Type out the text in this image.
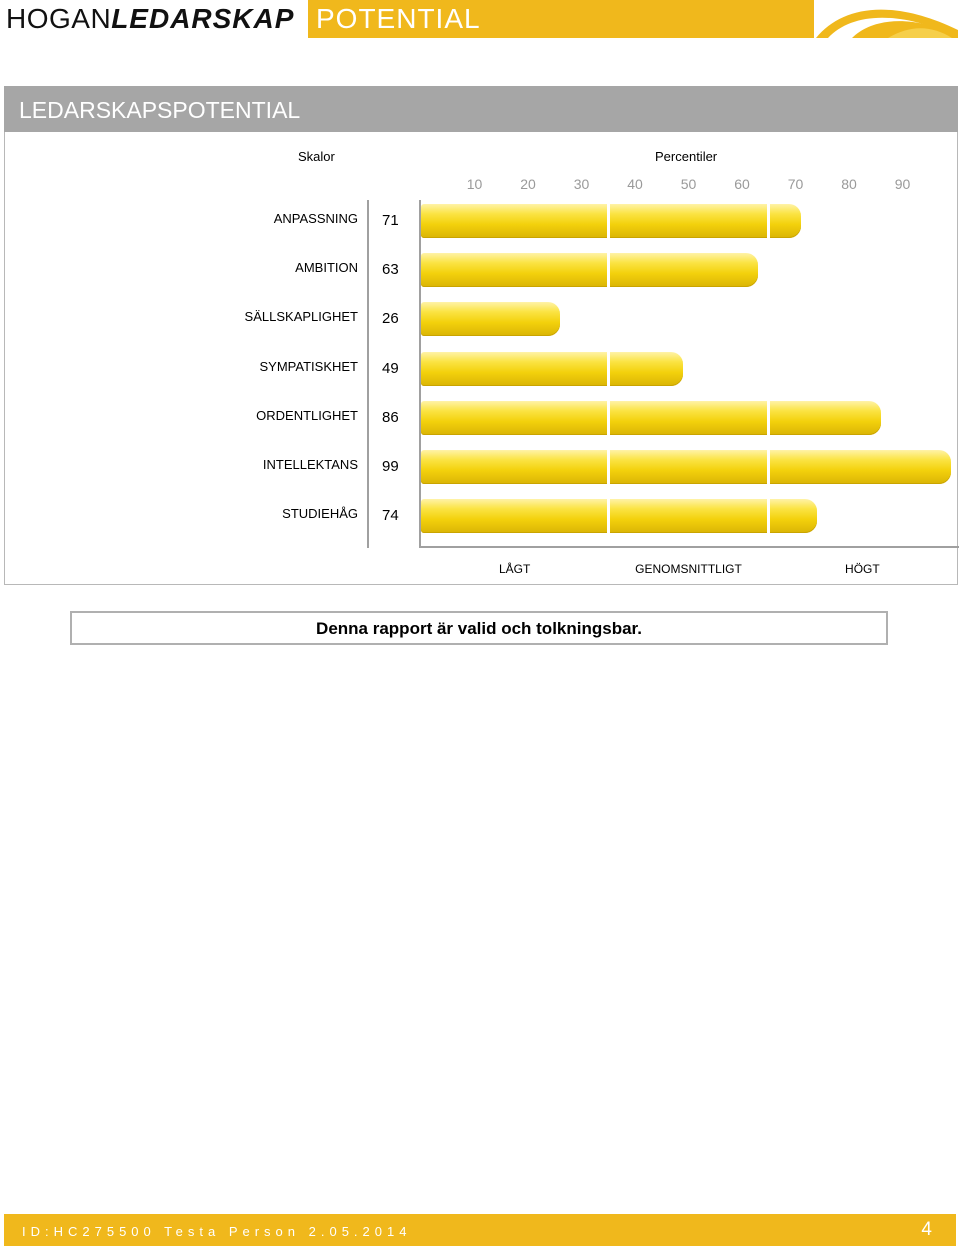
HOGANLEDARSKAP POTENTIAL
LEDARSKAPSPOTENTIAL
Skalor	Percentiler
10	20	30	40	50	60	70	80	90
ANPASSNING 71
AMBITION 63
SÄLLSKAPLIGHET 26
SYMPATISKHET 49
ORDENTLIGHET 86
INTELLEKTANS 99
STUDIEHÅG 74
LÅGT	GENOMSNITTLIGT	HÖGT
Denna rapport är valid och tolkningsbar.
ID:HC275500 Testa Person 2.05.2014	4
